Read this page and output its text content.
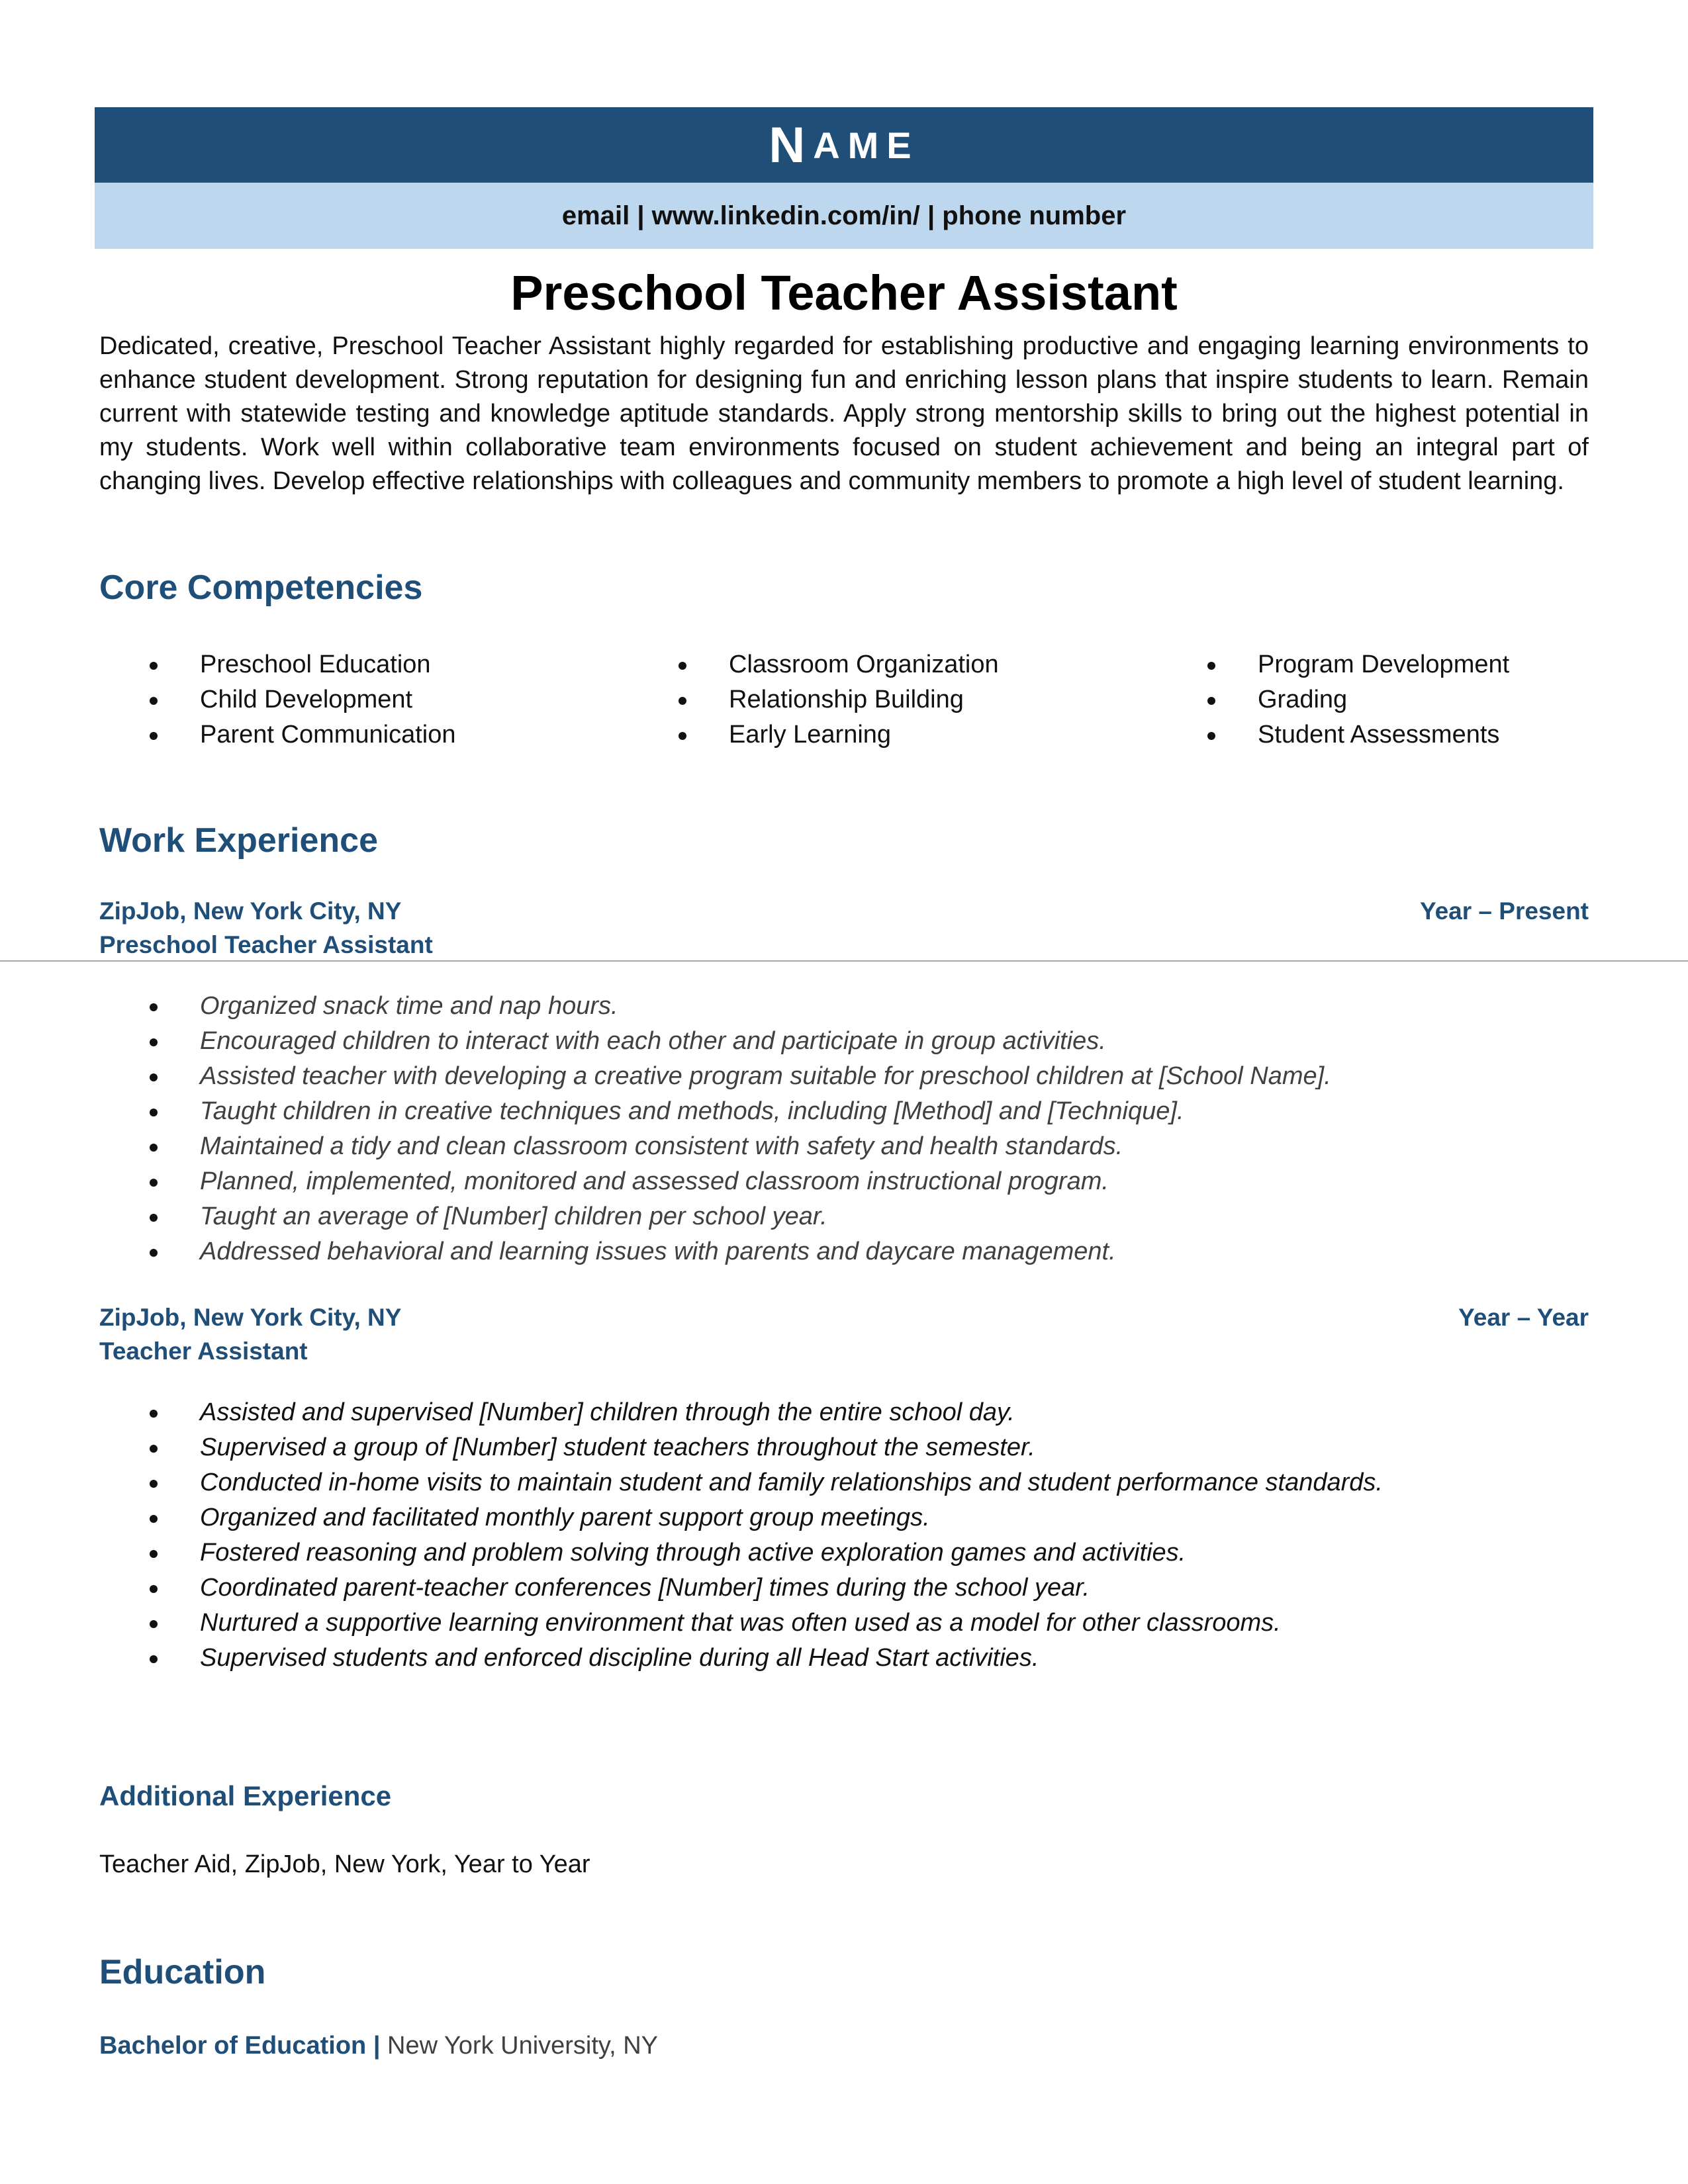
N AME
email | www.linkedin.com/in/ | phone number
Preschool Teacher Assistant
Dedicated, creative, Preschool Teacher Assistant highly regarded for establishing productive and engaging learning environments to enhance student development. Strong reputation for designing fun and enriching lesson plans that inspire students to learn. Remain current with statewide testing and knowledge aptitude standards. Apply strong mentorship skills to bring out the highest potential in my students. Work well within collaborative team environments focused on student achievement and being an integral part of changing lives. Develop effective relationships with colleagues and community members to promote a high level of student learning.
Core Competencies
Preschool Education
Child Development
Parent Communication
Classroom Organization
Relationship Building
Early Learning
Program Development
Grading
Student Assessments
Work Experience
ZipJob, New York City, NY	Year – Present
Preschool Teacher Assistant
Organized snack time and nap hours.
Encouraged children to interact with each other and participate in group activities.
Assisted teacher with developing a creative program suitable for preschool children at [School Name].
Taught children in creative techniques and methods, including [Method] and [Technique].
Maintained a tidy and clean classroom consistent with safety and health standards.
Planned, implemented, monitored and assessed classroom instructional program.
Taught an average of [Number] children per school year.
Addressed behavioral and learning issues with parents and daycare management.
ZipJob, New York City, NY	Year – Year
Teacher Assistant
Assisted and supervised [Number] children through the entire school day.
Supervised a group of [Number] student teachers throughout the semester.
Conducted in-home visits to maintain student and family relationships and student performance standards.
Organized and facilitated monthly parent support group meetings.
Fostered reasoning and problem solving through active exploration games and activities.
Coordinated parent-teacher conferences [Number] times during the school year.
Nurtured a supportive learning environment that was often used as a model for other classrooms.
Supervised students and enforced discipline during all Head Start activities.
Additional Experience
Teacher Aid, ZipJob, New York, Year to Year
Education
Bachelor of Education | New York University, NY
